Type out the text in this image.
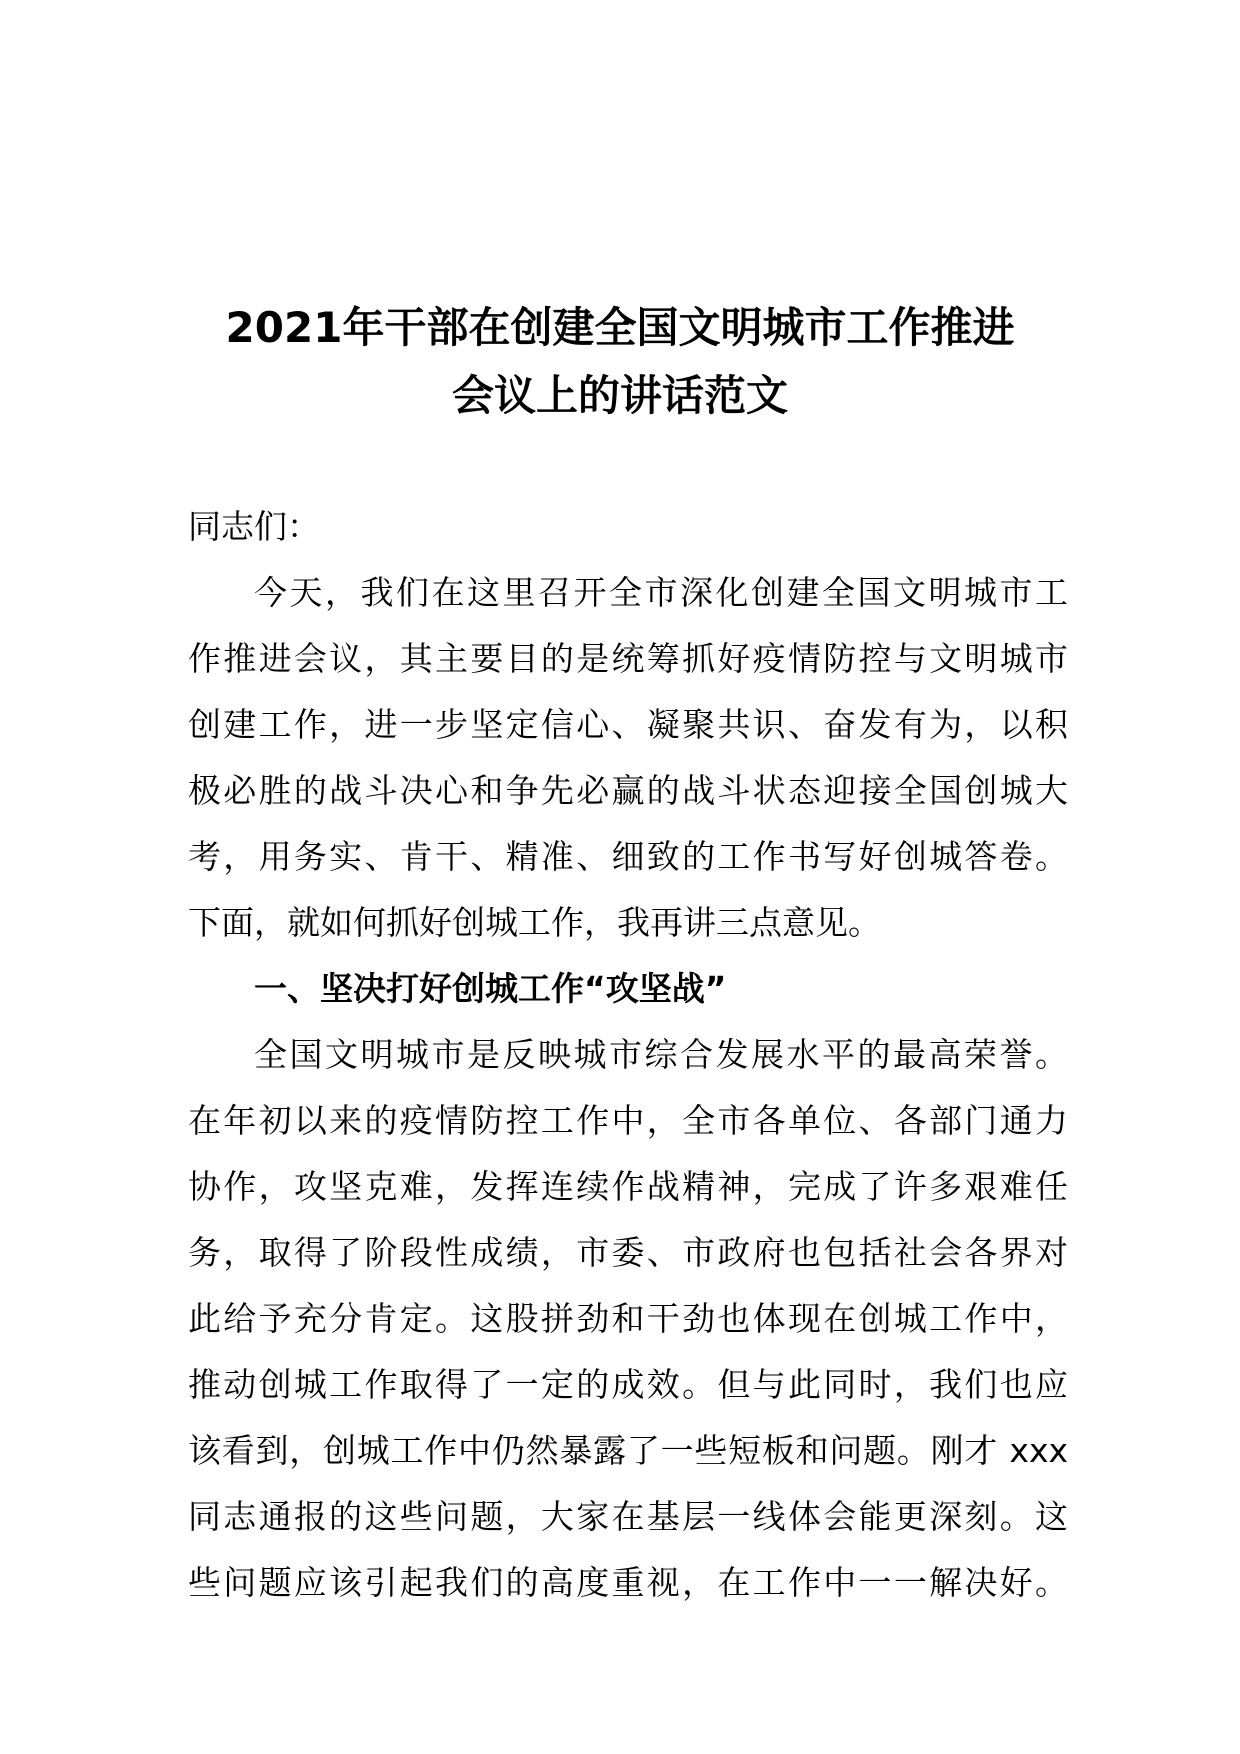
2021年干部在创建全国文明城市工作推进
会议上的讲话范文
同志们：
今天，我们在这里召开全市深化创建全国文明城市工
作推进会议，其主要目的是统筹抓好疫情防控与文明城市
创建工作，进一步坚定信心、凝聚共识、奋发有为，以积
极必胜的战斗决心和争先必赢的战斗状态迎接全国创城大
考，用务实、肯干、精准、细致的工作书写好创城答卷。
下面，就如何抓好创城工作，我再讲三点意见。
一、坚决打好创城工作“攻坚战”
全国文明城市是反映城市综合发展水平的最高荣誉。
在年初以来的疫情防控工作中，全市各单位、各部门通力
协作，攻坚克难，发挥连续作战精神，完成了许多艰难任
务，取得了阶段性成绩，市委、市政府也包括社会各界对
此给予充分肯定。这股拼劲和干劲也体现在创城工作中，
推动创城工作取得了一定的成效。但与此同时，我们也应
该看到，创城工作中仍然暴露了一些短板和问题。刚才 xxx
同志通报的这些问题，大家在基层一线体会能更深刻。这
些问题应该引起我们的高度重视，在工作中一一解决好。
